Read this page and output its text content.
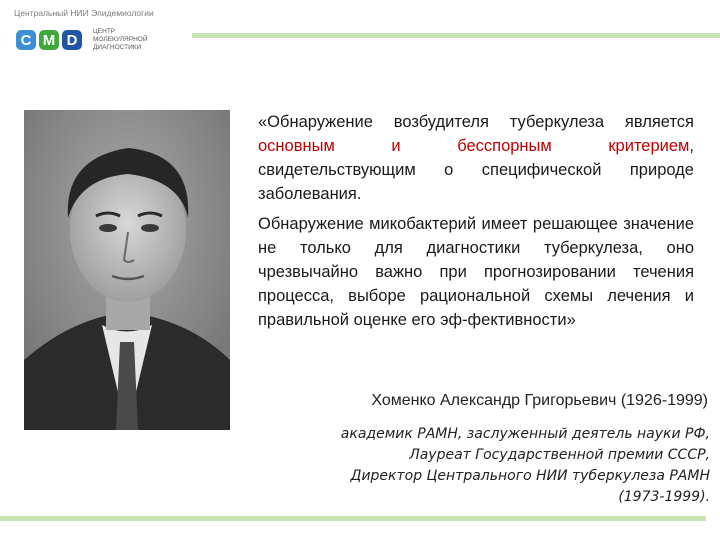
Центральный НИИ Эпидемиологии
C M D	ЦЕНТР
МОЛЕКУЛЯРНОЙ
ДИАГНОСТИКИ

«Обнаружение возбудителя туберкулеза является основным и бесспорным критерием, свидетельствующим о специфической природе заболевания.

Обнаружение микобактерий имеет решающее значение не только для диагностики туберкулеза, оно чрезвычайно важно при прогнозировании течения процесса, выборе рациональной схемы лечения и правильной оценке его эф-фективности»

Хоменко Александр Григорьевич (1926-1999)
академик РАМН, заслуженный деятель науки РФ,
Лауреат Государственной премии СССР,
Директор Центрального НИИ туберкулеза РАМН
(1973-1999).
